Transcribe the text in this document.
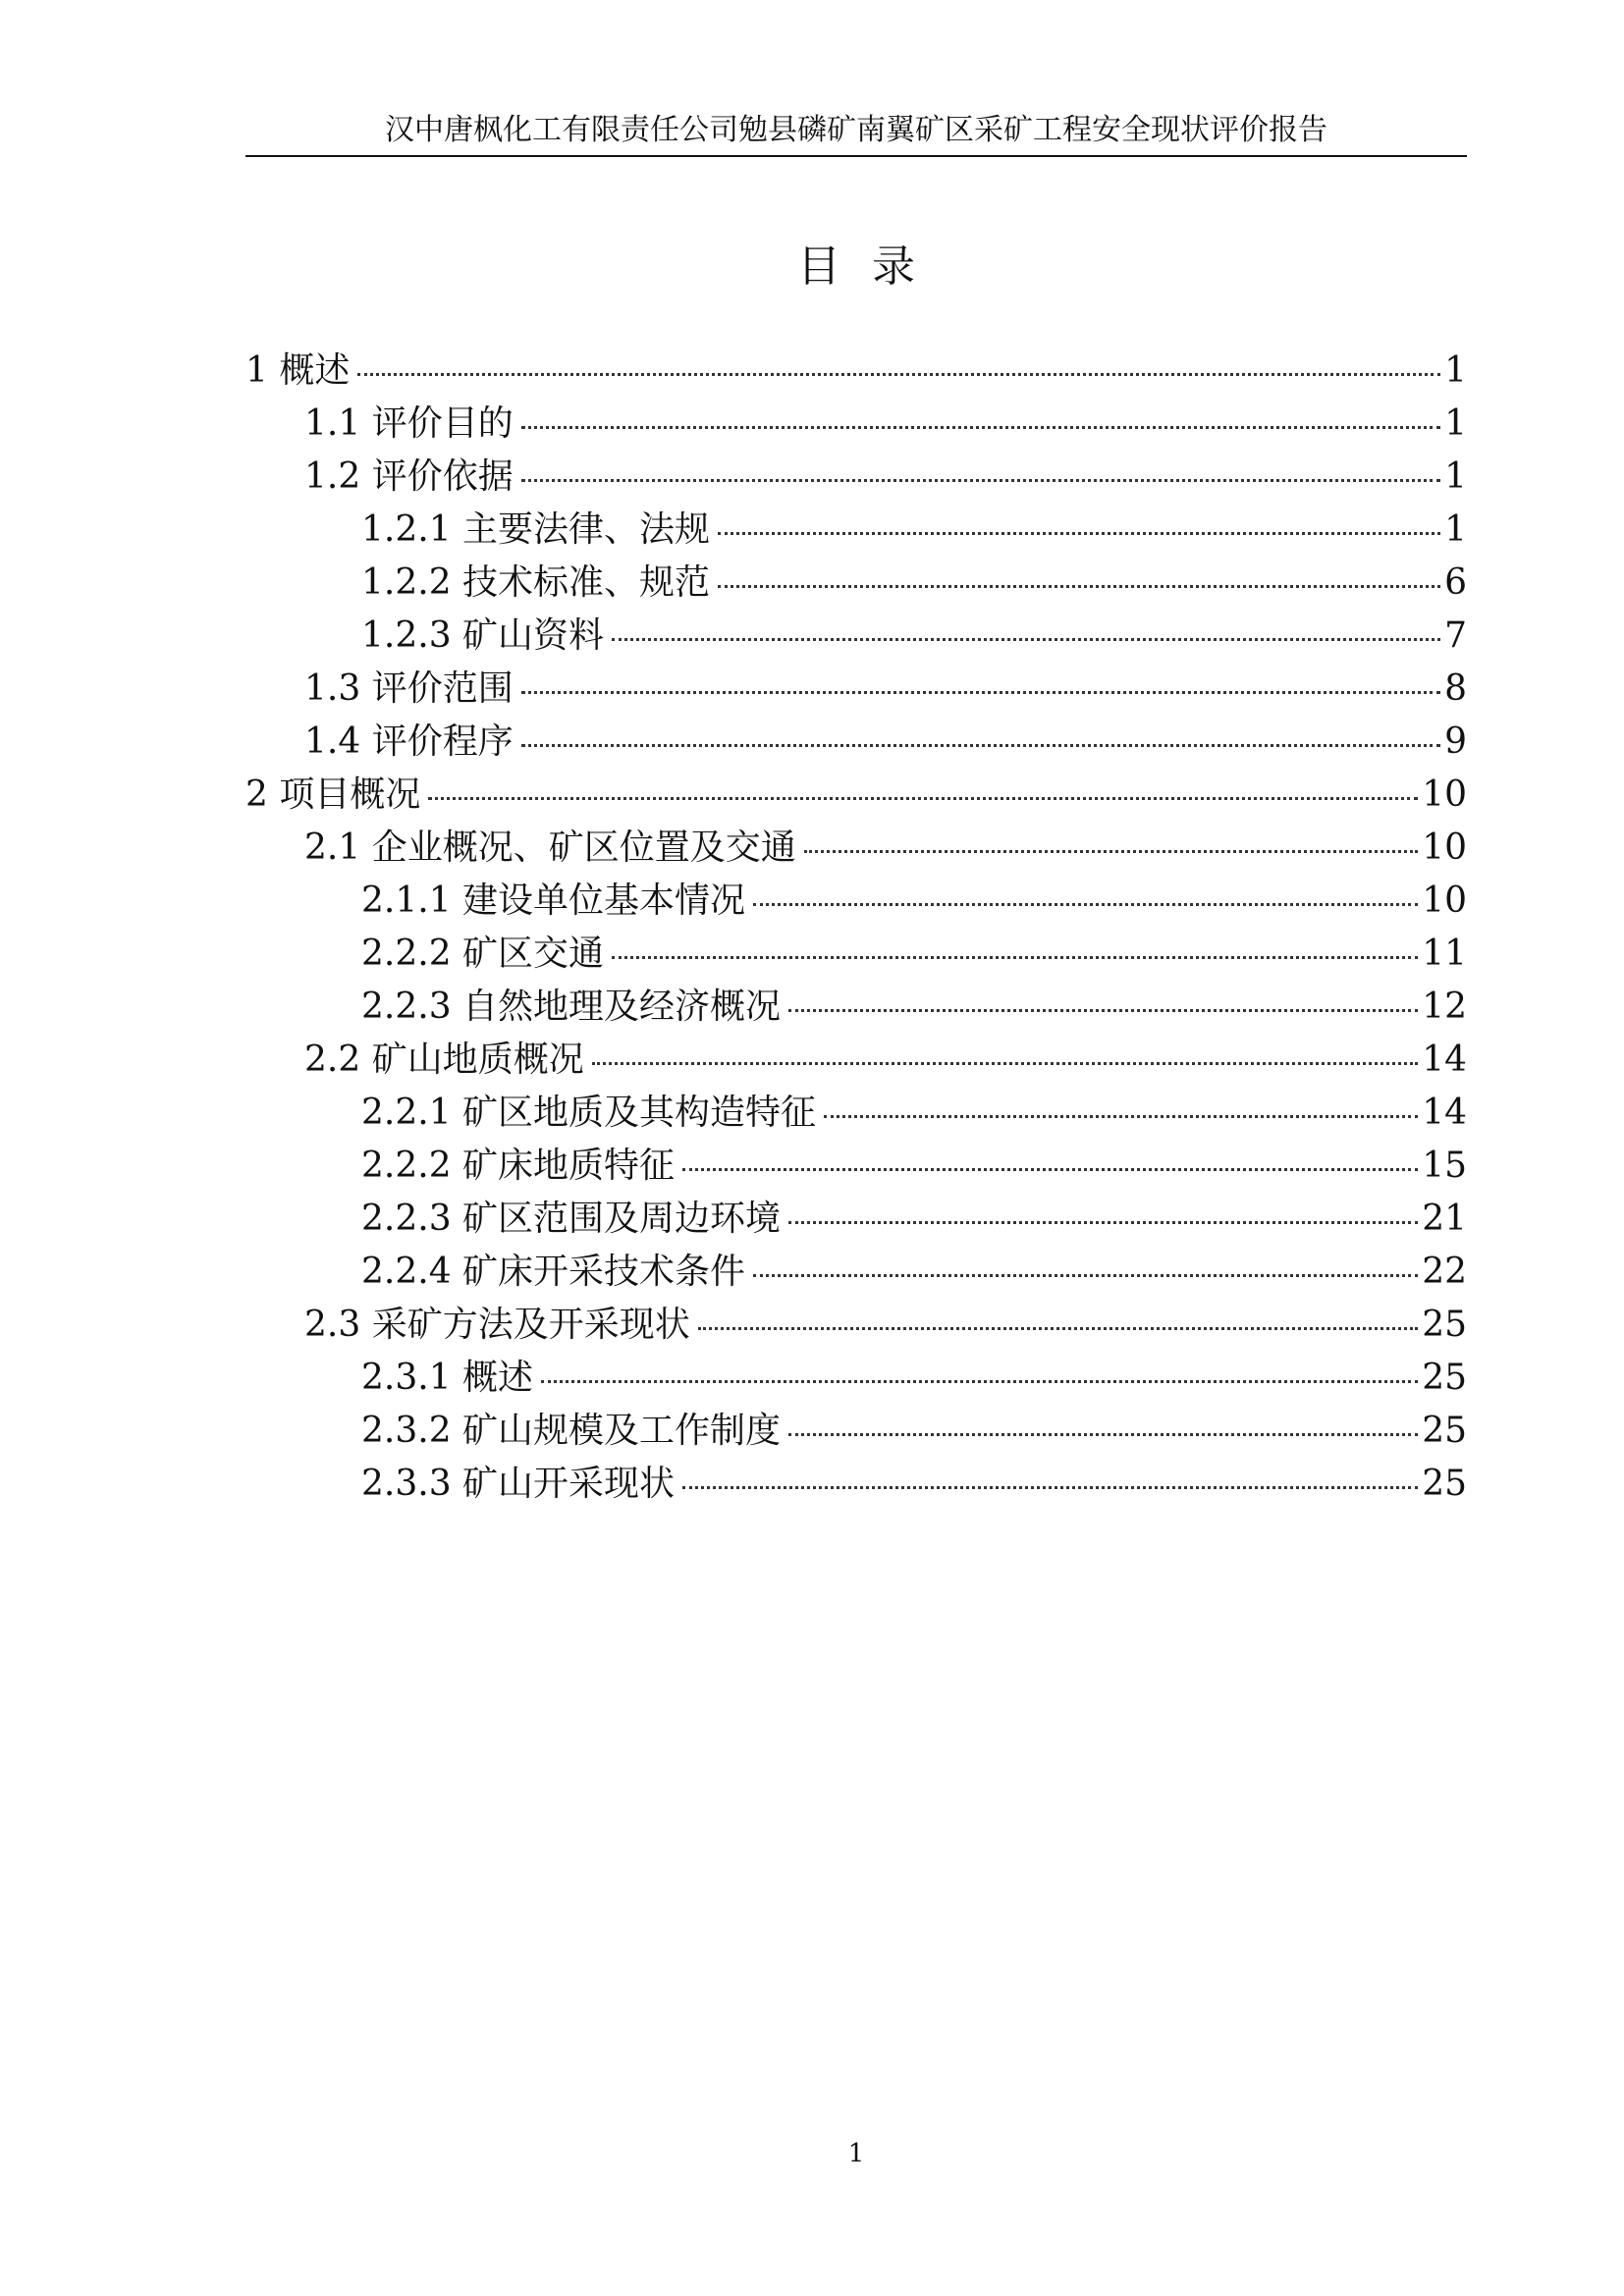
汉中唐枫化工有限责任公司勉县磷矿南翼矿区采矿工程安全现状评价报告
目录
1 概述	1
1.1 评价目的	1
1.2 评价依据	1
1.2.1 主要法律、法规	1
1.2.2 技术标准、规范	6
1.2.3 矿山资料	7
1.3 评价范围	8
1.4 评价程序	9
2 项目概况	10
2.1 企业概况、矿区位置及交通	10
2.1.1 建设单位基本情况	10
2.2.2 矿区交通	11
2.2.3 自然地理及经济概况	12
2.2 矿山地质概况	14
2.2.1 矿区地质及其构造特征	14
2.2.2 矿床地质特征	15
2.2.3 矿区范围及周边环境	21
2.2.4 矿床开采技术条件	22
2.3 采矿方法及开采现状	25
2.3.1 概述	25
2.3.2 矿山规模及工作制度	25
2.3.3 矿山开采现状	25
1
